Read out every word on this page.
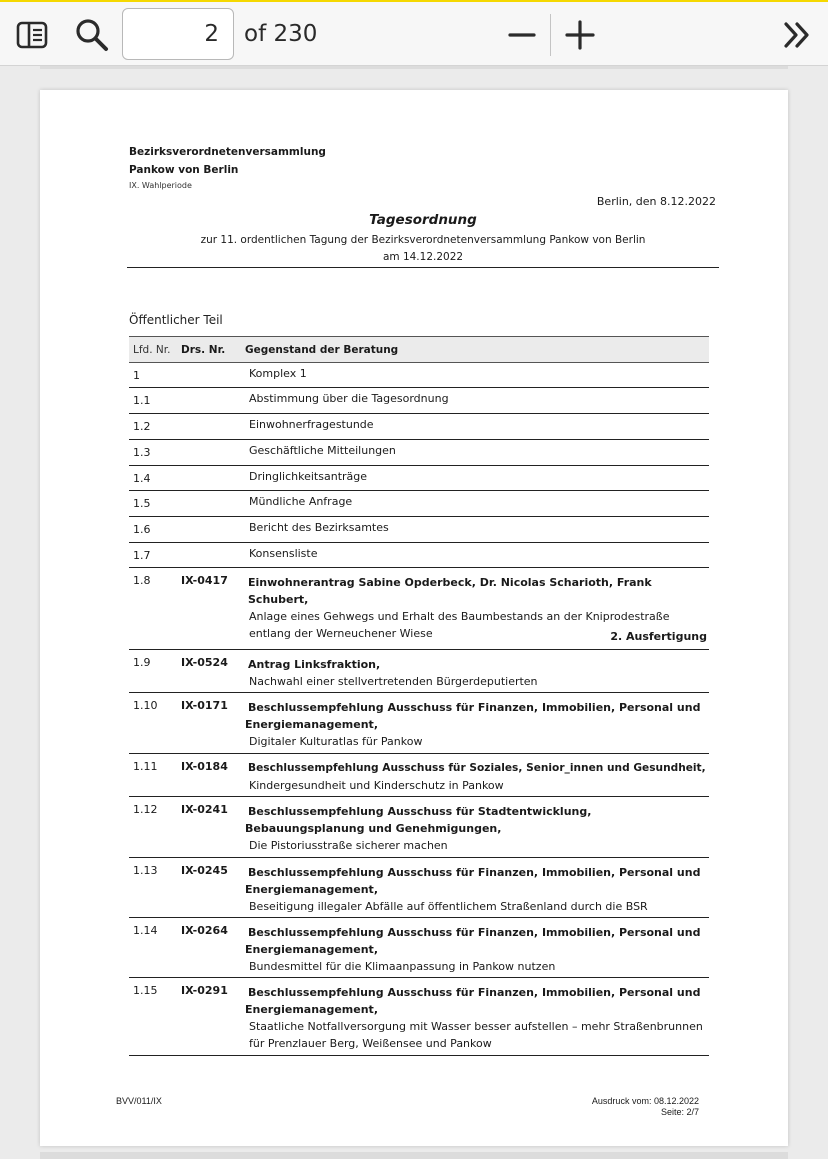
2
of 230
Bezirksverordnetenversammlung
Pankow von Berlin
IX. Wahlperiode
Berlin, den 8.12.2022
Tagesordnung
zur 11. ordentlichen Tagung der Bezirksverordnetenversammlung Pankow von Berlin
am 14.12.2022
Öffentlicher Teil
Lfd. Nr. Drs. Nr. Gegenstand der Beratung
1	Komplex 1
1.1	Abstimmung über die Tagesordnung
1.2	Einwohnerfragestunde
1.3	Geschäftliche Mitteilungen
1.4	Dringlichkeitsanträge
1.5	Mündliche Anfrage
1.6	Bericht des Bezirksamtes
1.7	Konsensliste
1.8	IX-0417 Einwohnerantrag Sabine Opderbeck, Dr. Nicolas Scharioth, Frank Schubert,
Anlage eines Gehwegs und Erhalt des Baumbestands an der Kniprodestraße entlang der Werneuchener Wiese	2. Ausfertigung
1.9	IX-0524 Antrag Linksfraktion,
Nachwahl einer stellvertretenden Bürgerdeputierten
1.10 IX-0171 Beschlussempfehlung Ausschuss für Finanzen, Immobilien, Personal und Energiemanagement,
Digitaler Kulturatlas für Pankow
1.11 IX-0184 Beschlussempfehlung Ausschuss für Soziales, Senior_innen und Gesundheit,
Kindergesundheit und Kinderschutz in Pankow
1.12 IX-0241 Beschlussempfehlung Ausschuss für Stadtentwicklung, Bebauungsplanung und Genehmigungen,
Die Pistoriusstraße sicherer machen
1.13 IX-0245 Beschlussempfehlung Ausschuss für Finanzen, Immobilien, Personal und Energiemanagement,
Beseitigung illegaler Abfälle auf öffentlichem Straßenland durch die BSR
1.14 IX-0264 Beschlussempfehlung Ausschuss für Finanzen, Immobilien, Personal und Energiemanagement,
Bundesmittel für die Klimaanpassung in Pankow nutzen
1.15 IX-0291 Beschlussempfehlung Ausschuss für Finanzen, Immobilien, Personal und Energiemanagement,
Staatliche Notfallversorgung mit Wasser besser aufstellen – mehr Straßenbrunnen für Prenzlauer Berg, Weißensee und Pankow
BVV/011/IX	Ausdruck vom: 08.12.2022
Seite: 2/7
